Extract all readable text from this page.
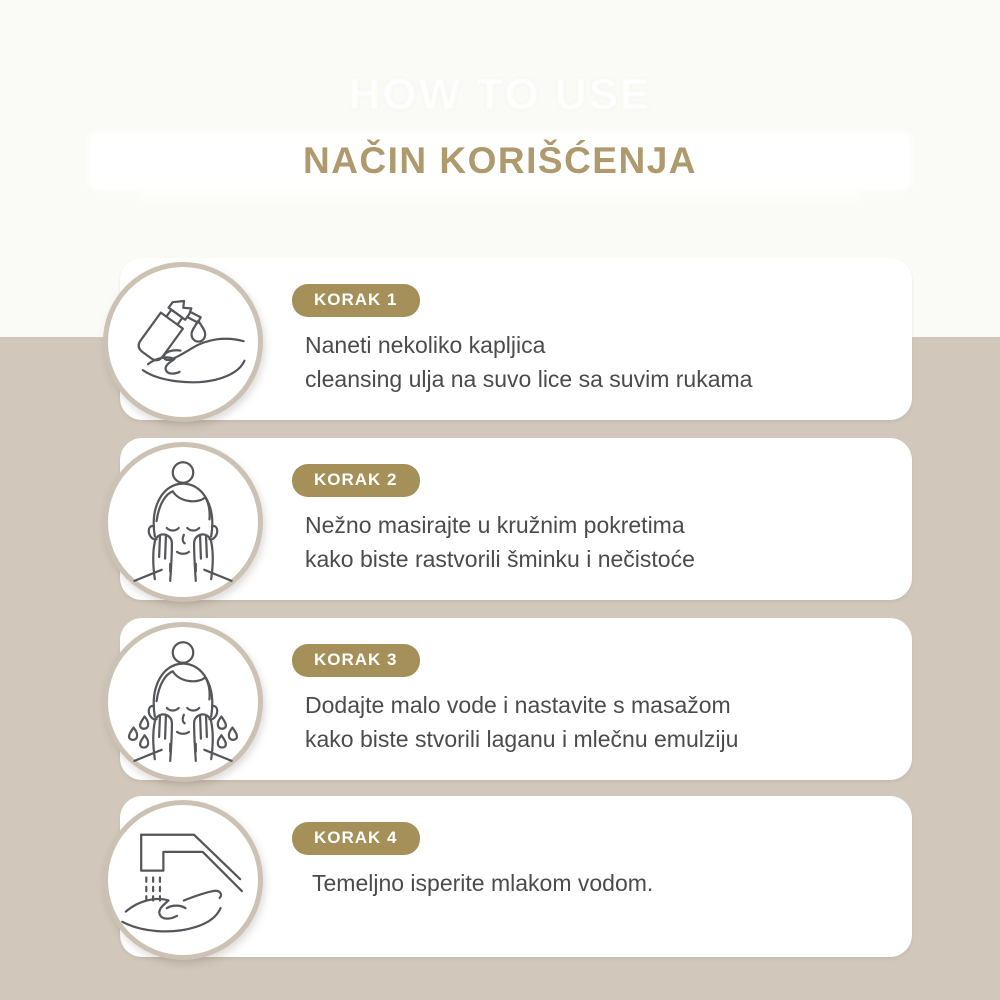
HOW TO USE
NAČIN KORIŠĆENJA
KORAK 1
Naneti nekoliko kapljica
cleansing ulja na suvo lice sa suvim rukama
KORAK 2
Nežno masirajte u kružnim pokretima
kako biste rastvorili šminku i nečistoće
KORAK 3
Dodajte malo vode i nastavite s masažom
kako biste stvorili laganu i mlečnu emulziju
KORAK 4
Temeljno isperite mlakom vodom.
